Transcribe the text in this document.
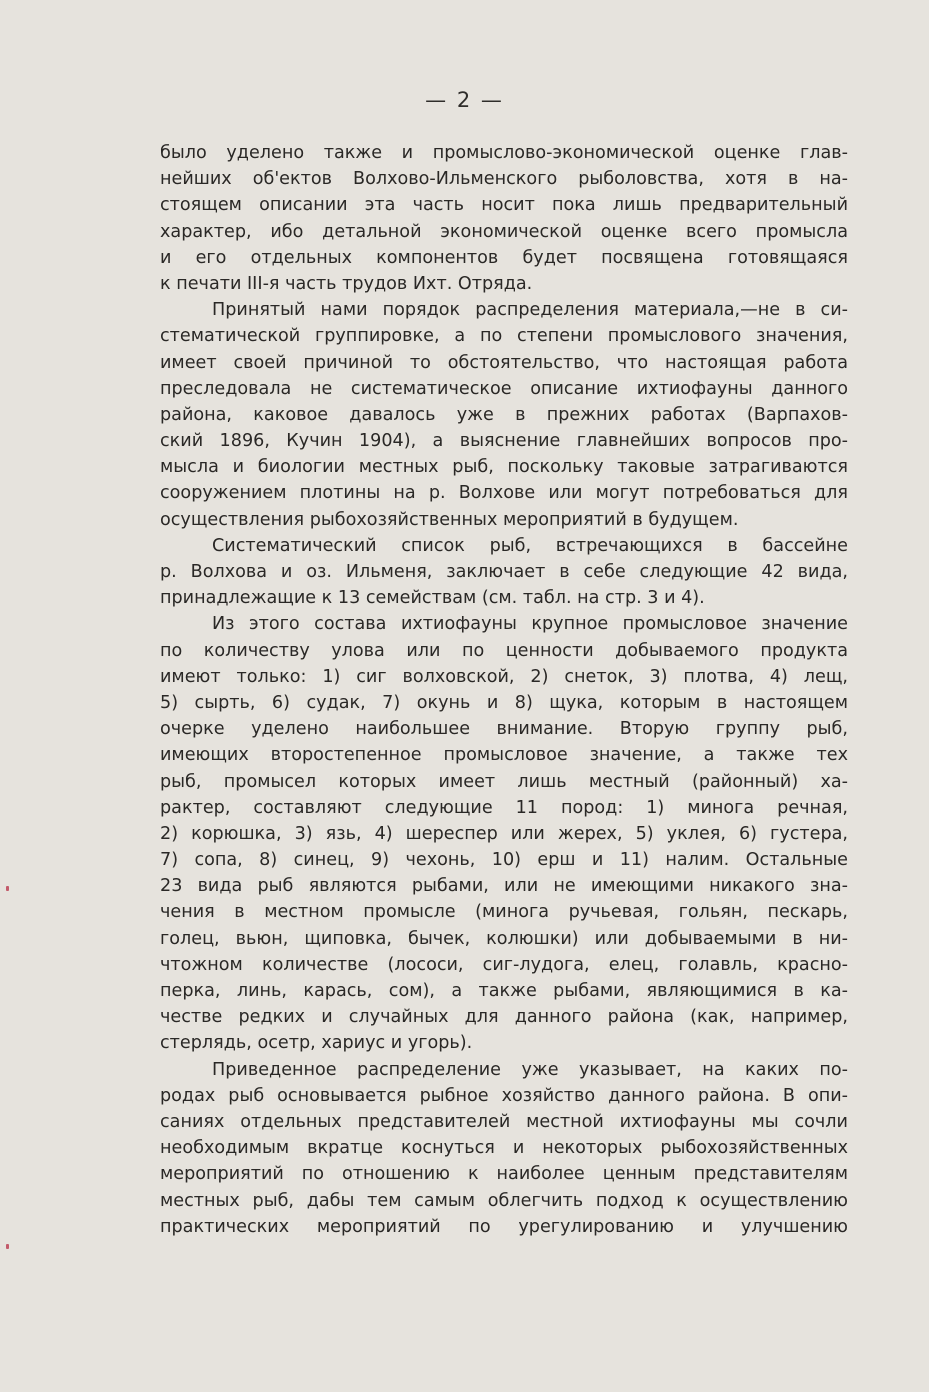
— 2 —
было уделено также и промыслово-экономической оценке глав-
нейших об'ектов Волхово-Ильменского рыболовства, хотя в на-
стоящем описании эта часть носит пока лишь предварительный
характер, ибо детальной экономической оценке всего промысла
и его отдельных компонентов будет посвящена готовящаяся
к печати III-я часть трудов Ихт. Отряда.
Принятый нами порядок распределения материала,—не в си-
стематической группировке, а по степени промыслового значения,
имеет своей причиной то обстоятельство, что настоящая работа
преследовала не систематическое описание ихтиофауны данного
района, каковое давалось уже в прежних работах (Варпахов-
ский 1896, Кучин 1904), а выяснение главнейших вопросов про-
мысла и биологии местных рыб, поскольку таковые затрагиваются
сооружением плотины на р. Волхове или могут потребоваться для
осуществления рыбохозяйственных мероприятий в будущем.
Систематический список рыб, встречающихся в бассейне
р. Волхова и оз. Ильменя, заключает в себе следующие 42 вида,
принадлежащие к 13 семействам (см. табл. на стр. 3 и 4).
Из этого состава ихтиофауны крупное промысловое значение
по количеству улова или по ценности добываемого продукта
имеют только: 1) сиг волховской, 2) снеток, 3) плотва, 4) лещ,
5) сырть, 6) судак, 7) окунь и 8) щука, которым в настоящем
очерке уделено наибольшее внимание. Вторую группу рыб,
имеющих второстепенное промысловое значение, а также тех
рыб, промысел которых имеет лишь местный (районный) ха-
рактер, составляют следующие 11 пород: 1) минога речная,
2) корюшка, 3) язь, 4) шереспер или жерех, 5) уклея, 6) густера,
7) сопа, 8) синец, 9) чехонь, 10) ерш и 11) налим. Остальные
23 вида рыб являются рыбами, или не имеющими никакого зна-
чения в местном промысле (минога ручьевая, гольян, пескарь,
голец, вьюн, щиповка, бычек, колюшки) или добываемыми в ни-
чтожном количестве (лососи, сиг-лудога, елец, голавль, красно-
перка, линь, карась, сом), а также рыбами, являющимися в ка-
честве редких и случайных для данного района (как, например,
стерлядь, осетр, хариус и угорь).
Приведенное распределение уже указывает, на каких по-
родах рыб основывается рыбное хозяйство данного района. В опи-
саниях отдельных представителей местной ихтиофауны мы сочли
необходимым вкратце коснуться и некоторых рыбохозяйственных
мероприятий по отношению к наиболее ценным представителям
местных рыб, дабы тем самым облегчить подход к осуществлению
практических мероприятий по урегулированию и улучшению
